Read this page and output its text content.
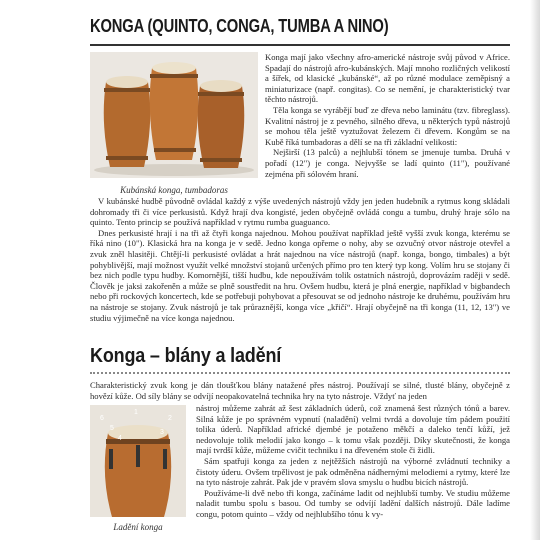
KONGA (QUINTO, CONGA, TUMBA A NINO)
Kubánská konga, tumbadoras

Konga mají jako všechny afro-americké nástroje svůj původ v Africe. Spadají do nástrojů afro-kubánských. Mají mnoho rozličných velikostí a šířek, od klasické „kubánské“, až po různé modulace zeměpisný a miniaturizace (např. congitas). Co se nemění, je charakteristický tvar těchto nástrojů.

Těla konga se vyrábějí buď ze dřeva nebo laminátu (tzv. fibreglass). Kvalitní nástroj je z pevného, silného dřeva, u některých typů nástrojů se mohou těla ještě vyztužovat železem či dřevem. Kongům se na Kubě říká tumbadoras a dělí se na tři základní velikosti:

Nejširší (13 palců) a nejhlubší tónem se jmenuje tumba. Druhá v pořadí (12") je conga. Nejvyšše se ladí quinto (11"), používané zejména při sólovém hraní.

V kubánské hudbě původně ovládal každý z výše uvedených nástrojů vždy jen jeden hudebník a rytmus kong skládali dohromady tři či více perkusistů. Když hrají dva kongisté, jeden obyčejně ovládá congu a tumbu, druhý hraje sólo na quinto. Tento princip se používá například v rytmu rumba guaguanco.

Dnes perkusisté hrají i na tři až čtyři konga najednou. Mohou používat například ještě vyšší zvuk konga, kterému se říká nino (10"). Klasická hra na konga je v sedě. Jedno konga opřeme o nohy, aby se ozvučný otvor nástroje otevřel a zvuk zněl hlasitěji. Chtějí-li perkusisté ovládat a hrát najednou na více nástrojů (např. konga, bongo, timbales) a být pohyblivější, mají možnost využít velké množství stojanů určených přímo pro ten který typ kong. Volím hru se stojany či bez nich podle typu hudby. Komornější, tišší hudbu, kde nepoužívám tolik ostatních nástrojů, doprovázím raději v sedě. Člověk je jaksi zakořeněn a může se plně soustředit na hru. Ovšem hudbu, která je plná energie, například v bigbandech nebo při rockových koncertech, kde se potřebuji pohybovat a přesouvat se od jednoho nástroje ke druhému, používám hru na nástroje se stojany. Zvuk nástrojů je tak průraznější, konga více „křičí“. Hrají obyčejně na tři konga (11, 12, 13") ve studiu výjimečně na více konga najednou.

Konga – blány a ladění

Charakteristický zvuk kong je dán tloušťkou blány natažené přes nástroj. Používají se silné, tlusté blány, obyčejně z hovězí kůže. Od síly blány se odvíjí neopakovatelná technika hry na tyto nástroje. Vždyť na jeden

6
1
5
2
4
3
Ladění konga

nástroj můžeme zahrát až šest základních úderů, což znamená šest různých tónů a barev. Silná kůže je po správném vypnutí (naladění) velmi tvrdá a dovoluje tím pádem použití tolika úderů. Například africké djembé je potaženo měkčí a daleko tenčí kůží, jež nedovoluje tolik melodií jako kongo – k tomu však později. Díky skutečnosti, že konga mají tvrdší kůže, můžeme cvičit techniku i na dřeveném stole či židli.

Sám spatřuji konga za jeden z nejtěžších nástrojů na výborné zvládnutí techniky a čistoty úderu. Ovšem trpělivost je pak odměněna nádhernými melodiemi a rytmy, které lze na tyto nástroje zahrát. Pak jde v pravém slova smyslu o hudbu bicích nástrojů.

Používáme-li dvě nebo tři konga, začínáme ladit od nejhlubší tumby. Ve studiu můžeme naladit tumbu spolu s basou. Od tumby se odvíjí ladění dalších nástrojů. Dále ladíme congu, potom quinto – vždy od nejhlubšího tónu k vy-
